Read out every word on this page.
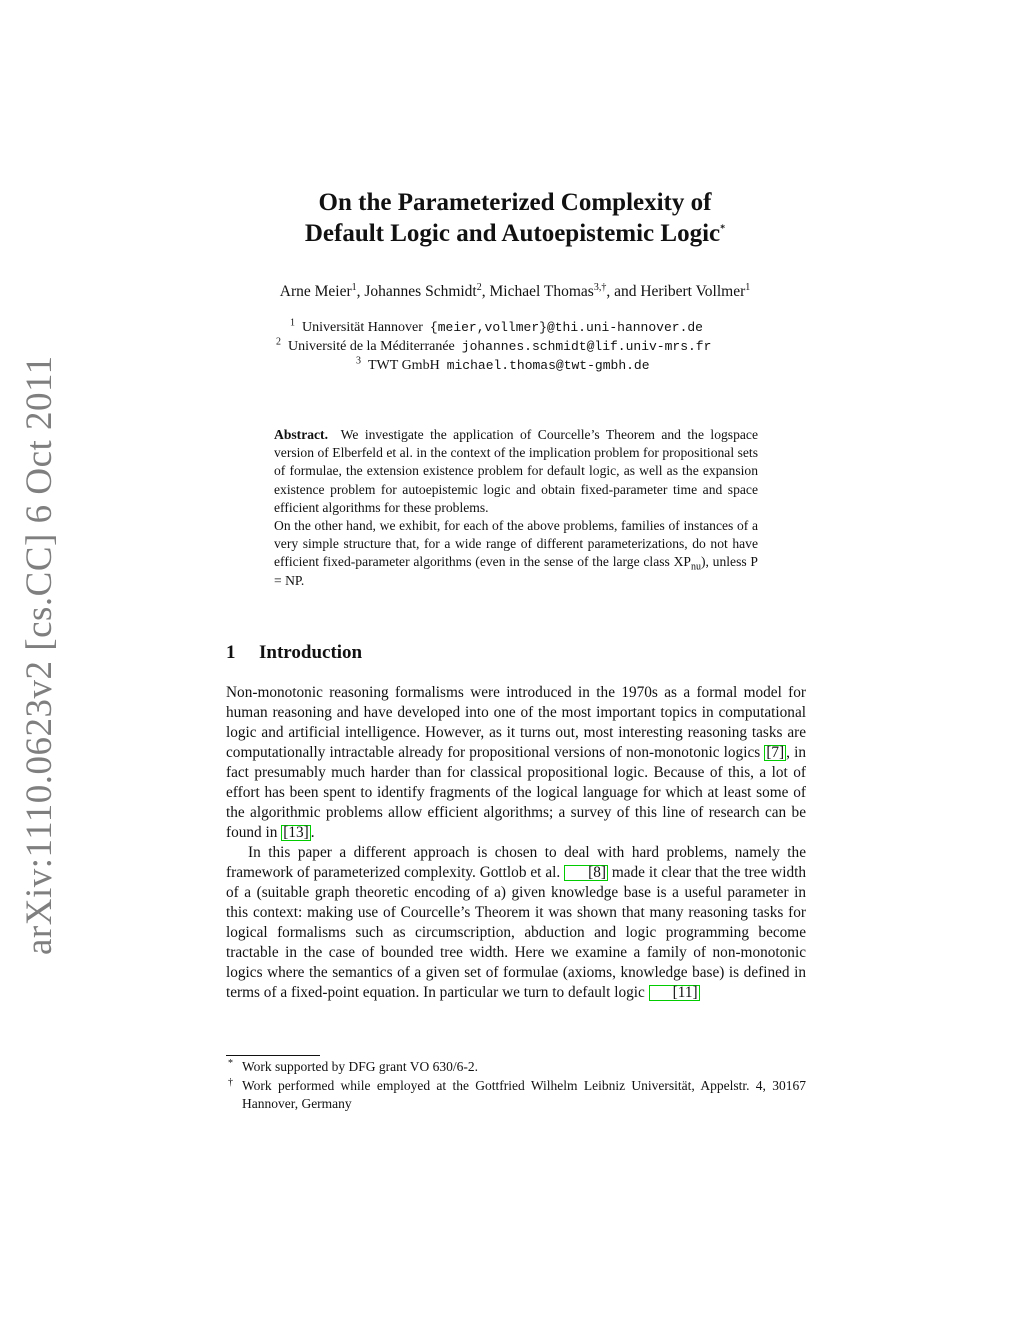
arXiv:1110.0623v2 [cs.CC] 6 Oct 2011
On the Parameterized Complexity of
Default Logic and Autoepistemic Logic*
Arne Meier$^1$, Johannes Schmidt$^2$, Michael Thomas$^{3,\dagger}$, and Heribert Vollmer$^1$
$^1$ Universität Hannover {meier,vollmer}@thi.uni-hannover.de
$^2$ Université de la Méditerranée johannes.schmidt@lif.univ-mrs.fr
$^3$ TWT GmbH michael.thomas@twt-gmbh.de

Abstract. We investigate the application of Courcelle’s Theorem and the logspace version of Elberfeld et al. in the context of the implication problem for propositional sets of formulae, the extension existence problem for default logic, as well as the expansion existence problem for autoepistemic logic and obtain fixed-parameter time and space efficient algorithms for these problems.

On the other hand, we exhibit, for each of the above problems, families of instances of a very simple structure that, for a wide range of different parameterizations, do not have efficient fixed-parameter algorithms (even in the sense of the large class $XP_{nu}$), unless P = NP.

1 Introduction

Non-monotonic reasoning formalisms were introduced in the 1970s as a formal model for human reasoning and have developed into one of the most important topics in computational logic and artificial intelligence. However, as it turns out, most interesting reasoning tasks are computationally intractable already for propositional versions of non-monotonic logics [7] , in fact presumably much harder than for classical propositional logic. Because of this, a lot of effort has been spent to identify fragments of the logical language for which at least some of the algorithmic problems allow efficient algorithms; a survey of this line of research can be found in [13] .

In this paper a different approach is chosen to deal with hard problems, namely the framework of parameterized complexity. Gottlob et al. [8] made it clear that the tree width of a (suitable graph theoretic encoding of a) given knowledge base is a useful parameter in this context: making use of Courcelle’s Theorem it was shown that many reasoning tasks for logical formalisms such as circumscription, abduction and logic programming become tractable in the case of bounded tree width. Here we examine a family of non-monotonic logics where the semantics of a given set of formulae (axioms, knowledge base) is defined in terms of a fixed-point equation. In particular we turn to default logic [11]

* Work supported by DFG grant VO 630/6-2.
† Work performed while employed at the Gottfried Wilhelm Leibniz Universität, Appelstr. 4, 30167 Hannover, Germany
